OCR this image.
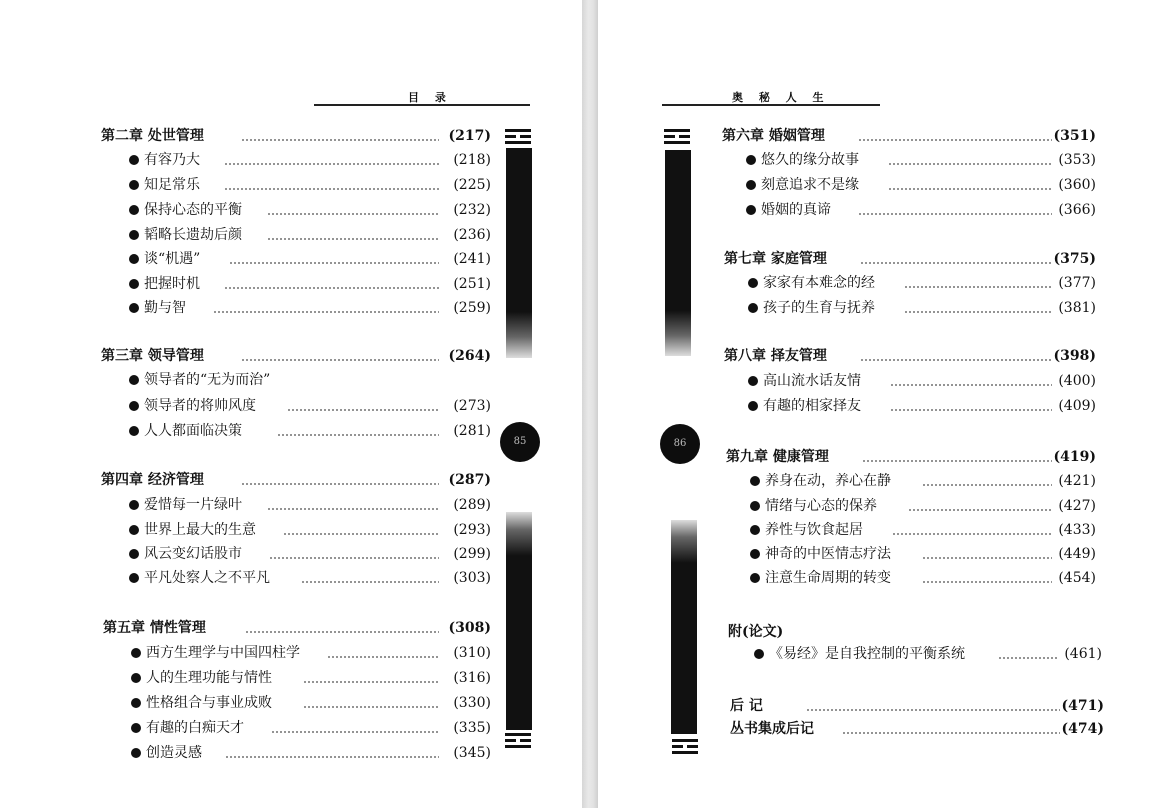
目 录
第二章 处世管理	(217)
有容乃大	(218)
知足常乐	(225)
保持心态的平衡	(232)
韬略长遗劫后颜	(236)
谈“机遇”	(241)
把握时机	(251)
勤与智	(259)
第三章 领导管理	(264)
领导者的“无为而治”
领导者的将帅风度	(273)
人人都面临决策	(281)
第四章 经济管理	(287)
爱惜每一片绿叶	(289)
世界上最大的生意	(293)
风云变幻话股市	(299)
平凡处察人之不平凡	(303)
第五章 情性管理	(308)
西方生理学与中国四柱学	(310)
人的生理功能与情性	(316)
性格组合与事业成败	(330)
有趣的白痴天才	(335)
创造灵感	(345)
85
奥 秘 人 生
86
第六章 婚姻管理	(351)
悠久的缘分故事	(353)
刻意追求不是缘	(360)
婚姻的真谛	(366)
第七章 家庭管理	(375)
家家有本难念的经	(377)
孩子的生育与抚养	(381)
第八章 择友管理	(398)
高山流水话友情	(400)
有趣的相家择友	(409)
第九章 健康管理	(419)
养身在动，养心在静	(421)
情绪与心态的保养	(427)
养性与饮食起居	(433)
神奇的中医情志疗法	(449)
注意生命周期的转变	(454)
附(论文)
《易经》是自我控制的平衡系统	(461)
后 记	(471)
丛书集成后记	(474)
